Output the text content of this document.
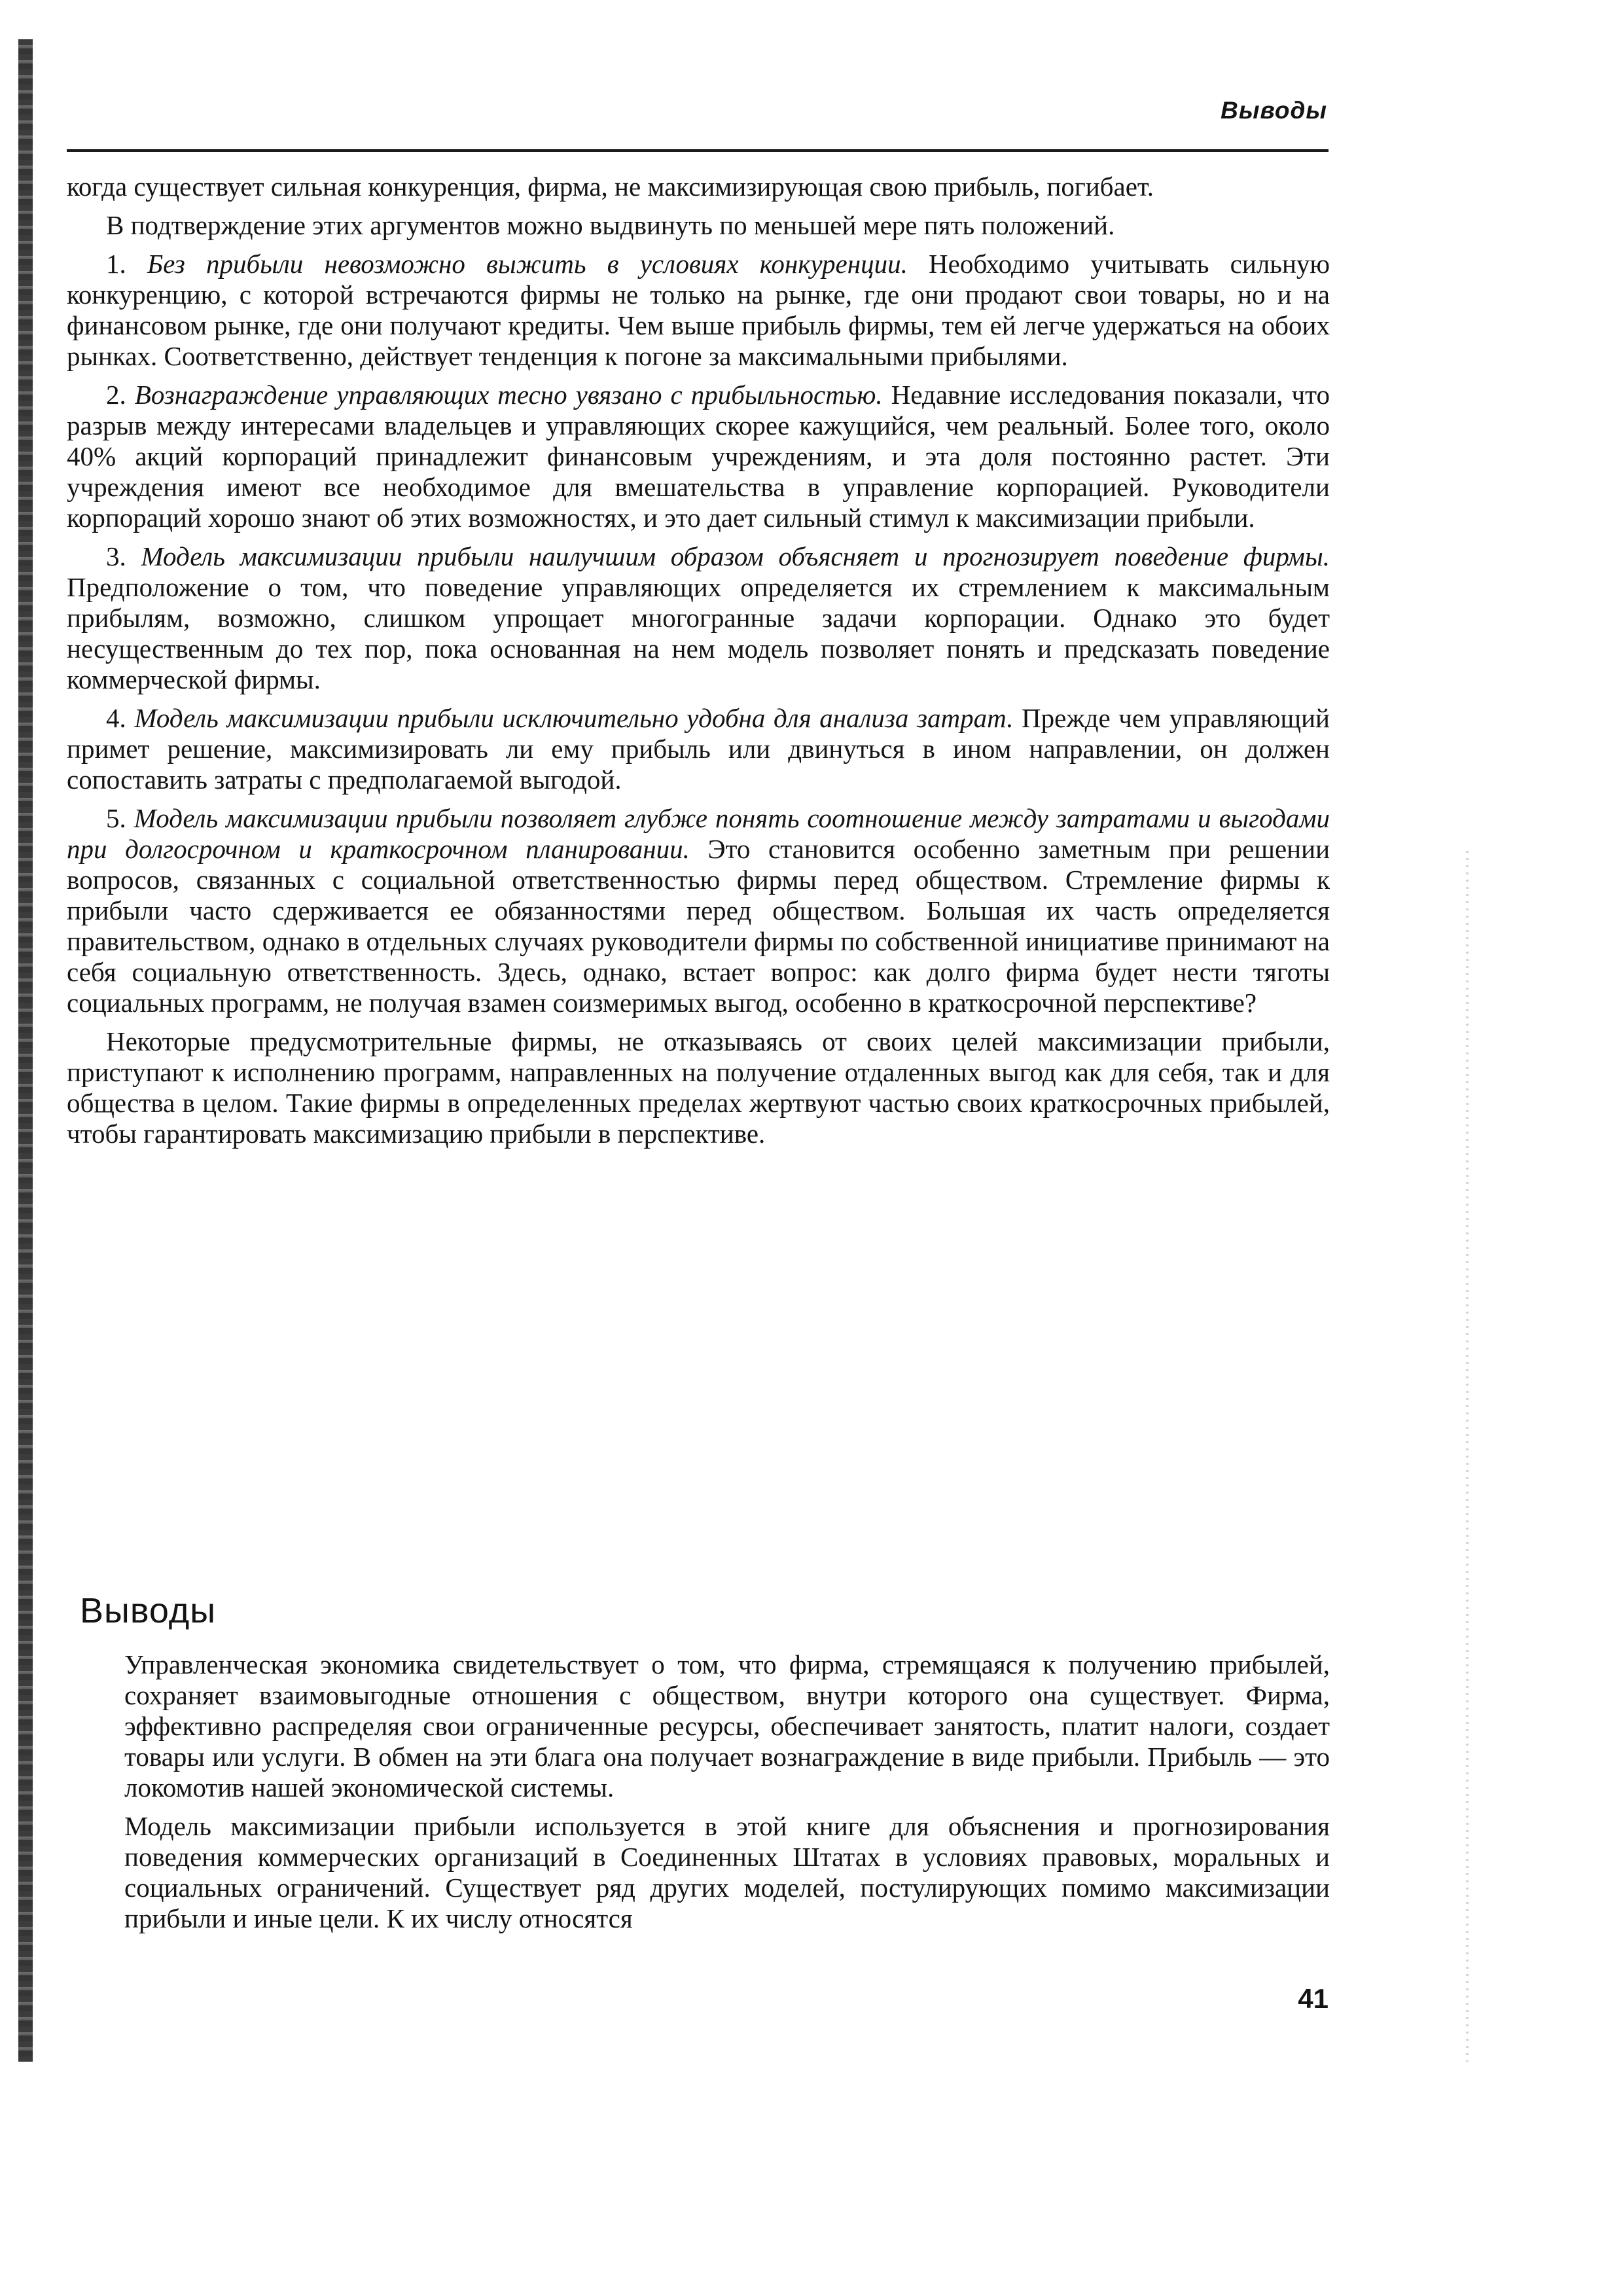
Выводы

когда существует сильная конкуренция, фирма, не максимизирующая свою прибыль, погибает.

В подтверждение этих аргументов можно выдвинуть по меньшей мере пять положений.

1. Без прибыли невозможно выжить в условиях конкуренции. Необходимо учитывать сильную конкуренцию, с которой встречаются фирмы не только на рынке, где они продают свои товары, но и на финансовом рынке, где они получают кредиты. Чем выше прибыль фирмы, тем ей легче удержаться на обоих рынках. Соответственно, действует тенденция к погоне за максимальными прибылями.

2. Вознаграждение управляющих тесно увязано с прибыльностью. Недавние исследования показали, что разрыв между интересами владельцев и управляющих скорее кажущийся, чем реальный. Более того, около 40% акций корпораций принадлежит финансовым учреждениям, и эта доля постоянно растет. Эти учреждения имеют все необходимое для вмешательства в управление корпорацией. Руководители корпораций хорошо знают об этих возможностях, и это дает сильный стимул к максимизации прибыли.

3. Модель максимизации прибыли наилучшим образом объясняет и прогнозирует поведение фирмы. Предположение о том, что поведение управляющих определяется их стремлением к максимальным прибылям, возможно, слишком упрощает многогранные задачи корпорации. Однако это будет несущественным до тех пор, пока основанная на нем модель позволяет понять и предсказать поведение коммерческой фирмы.

4. Модель максимизации прибыли исключительно удобна для анализа затрат. Прежде чем управляющий примет решение, максимизировать ли ему прибыль или двинуться в ином направлении, он должен сопоставить затраты с предполагаемой выгодой.

5. Модель максимизации прибыли позволяет глубже понять соотношение между затратами и выгодами при долгосрочном и краткосрочном планировании. Это становится особенно заметным при решении вопросов, связанных с социальной ответственностью фирмы перед обществом. Стремление фирмы к прибыли часто сдерживается ее обязанностями перед обществом. Большая их часть определяется правительством, однако в отдельных случаях руководители фирмы по собственной инициативе принимают на себя социальную ответственность. Здесь, однако, встает вопрос: как долго фирма будет нести тяготы социальных программ, не получая взамен соизмеримых выгод, особенно в краткосрочной перспективе?

Некоторые предусмотрительные фирмы, не отказываясь от своих целей максимизации прибыли, приступают к исполнению программ, направленных на получение отдаленных выгод как для себя, так и для общества в целом. Такие фирмы в определенных пределах жертвуют частью своих краткосрочных прибылей, чтобы гарантировать максимизацию прибыли в перспективе.

Выводы

Управленческая экономика свидетельствует о том, что фирма, стремящаяся к получению прибылей, сохраняет взаимовыгодные отношения с обществом, внутри которого она существует. Фирма, эффективно распределяя свои ограниченные ресурсы, обеспечивает занятость, платит налоги, создает товары или услуги. В обмен на эти блага она получает вознаграждение в виде прибыли. Прибыль — это локомотив нашей экономической системы.

Модель максимизации прибыли используется в этой книге для объяснения и прогнозирования поведения коммерческих организаций в Соединенных Штатах в условиях правовых, моральных и социальных ограничений. Существует ряд других моделей, постулирующих помимо максимизации прибыли и иные цели. К их числу относятся

41
